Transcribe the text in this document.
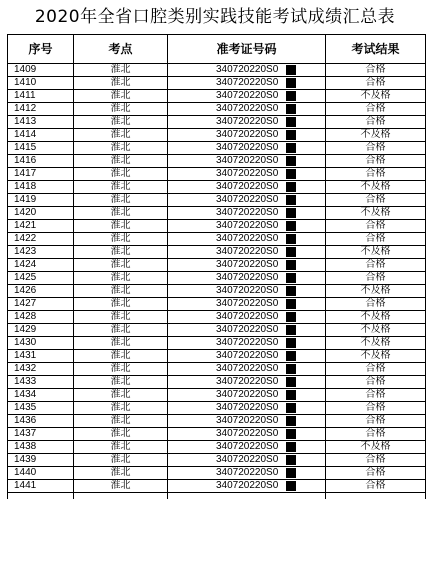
2020年全省口腔类别实践技能考试成绩汇总表
序号	考点	准考证号码	考试结果
1409	淮北	340720220S0	合格
1410	淮北	340720220S0	合格
1411	淮北	340720220S0	不及格
1412	淮北	340720220S0	合格
1413	淮北	340720220S0	合格
1414	淮北	340720220S0	不及格
1415	淮北	340720220S0	合格
1416	淮北	340720220S0	合格
1417	淮北	340720220S0	合格
1418	淮北	340720220S0	不及格
1419	淮北	340720220S0	合格
1420	淮北	340720220S0	不及格
1421	淮北	340720220S0	合格
1422	淮北	340720220S0	合格
1423	淮北	340720220S0	不及格
1424	淮北	340720220S0	合格
1425	淮北	340720220S0	合格
1426	淮北	340720220S0	不及格
1427	淮北	340720220S0	合格
1428	淮北	340720220S0	不及格
1429	淮北	340720220S0	不及格
1430	淮北	340720220S0	不及格
1431	淮北	340720220S0	不及格
1432	淮北	340720220S0	合格
1433	淮北	340720220S0	合格
1434	淮北	340720220S0	合格
1435	淮北	340720220S0	合格
1436	淮北	340720220S0	合格
1437	淮北	340720220S0	合格
1438	淮北	340720220S0	不及格
1439	淮北	340720220S0	合格
1440	淮北	340720220S0	合格
1441	淮北	340720220S0	合格
